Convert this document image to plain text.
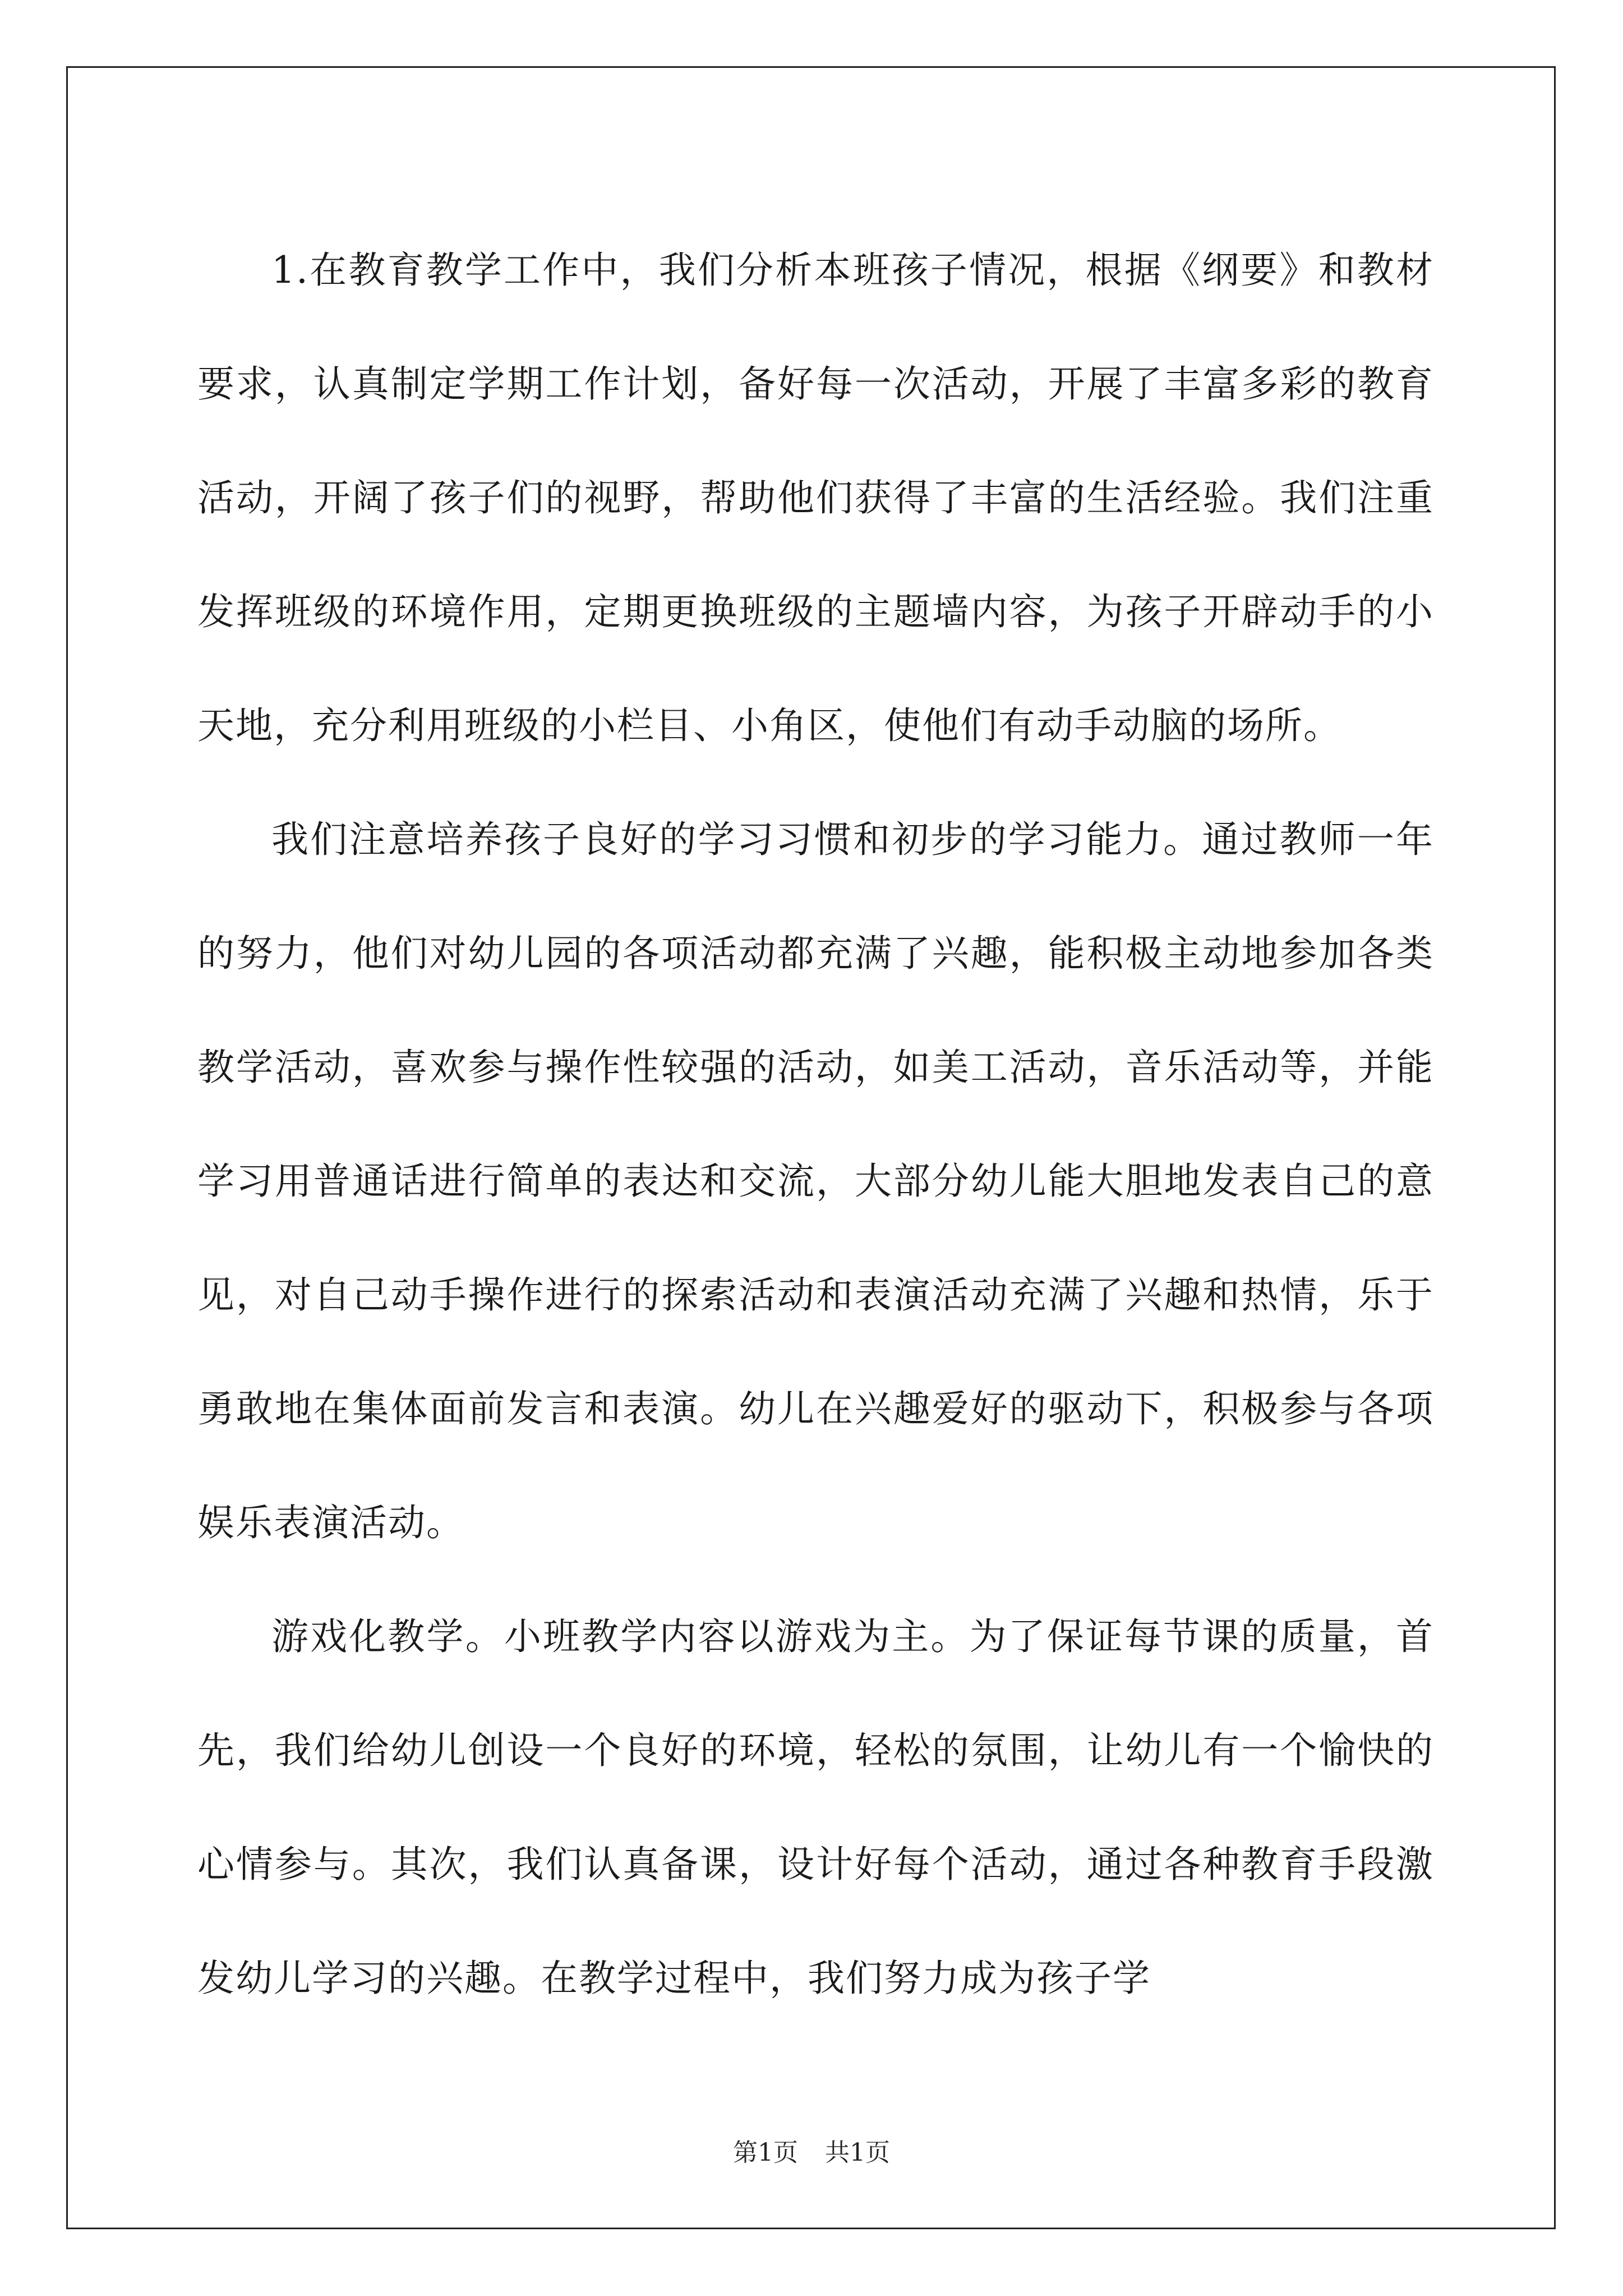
1.在教育教学工作中，我们分析本班孩子情况，根据《纲要》和教材要求，认真制定学期工作计划，备好每一次活动，开展了丰富多彩的教育活动，开阔了孩子们的视野，帮助他们获得了丰富的生活经验。我们注重发挥班级的环境作用，定期更换班级的主题墙内容，为孩子开辟动手的小天地，充分利用班级的小栏目、小角区，使他们有动手动脑的场所。

我们注意培养孩子良好的学习习惯和初步的学习能力。通过教师一年的努力，他们对幼儿园的各项活动都充满了兴趣，能积极主动地参加各类教学活动，喜欢参与操作性较强的活动，如美工活动，音乐活动等，并能学习用普通话进行简单的表达和交流，大部分幼儿能大胆地发表自己的意见，对自己动手操作进行的探索活动和表演活动充满了兴趣和热情，乐于勇敢地在集体面前发言和表演。幼儿在兴趣爱好的驱动下，积极参与各项娱乐表演活动。

游戏化教学。小班教学内容以游戏为主。为了保证每节课的质量，首先，我们给幼儿创设一个良好的环境，轻松的氛围，让幼儿有一个愉快的心情参与。其次，我们认真备课，设计好每个活动，通过各种教育手段激发幼儿学习的兴趣。在教学过程中，我们努力成为孩子学

第1页 共1页
